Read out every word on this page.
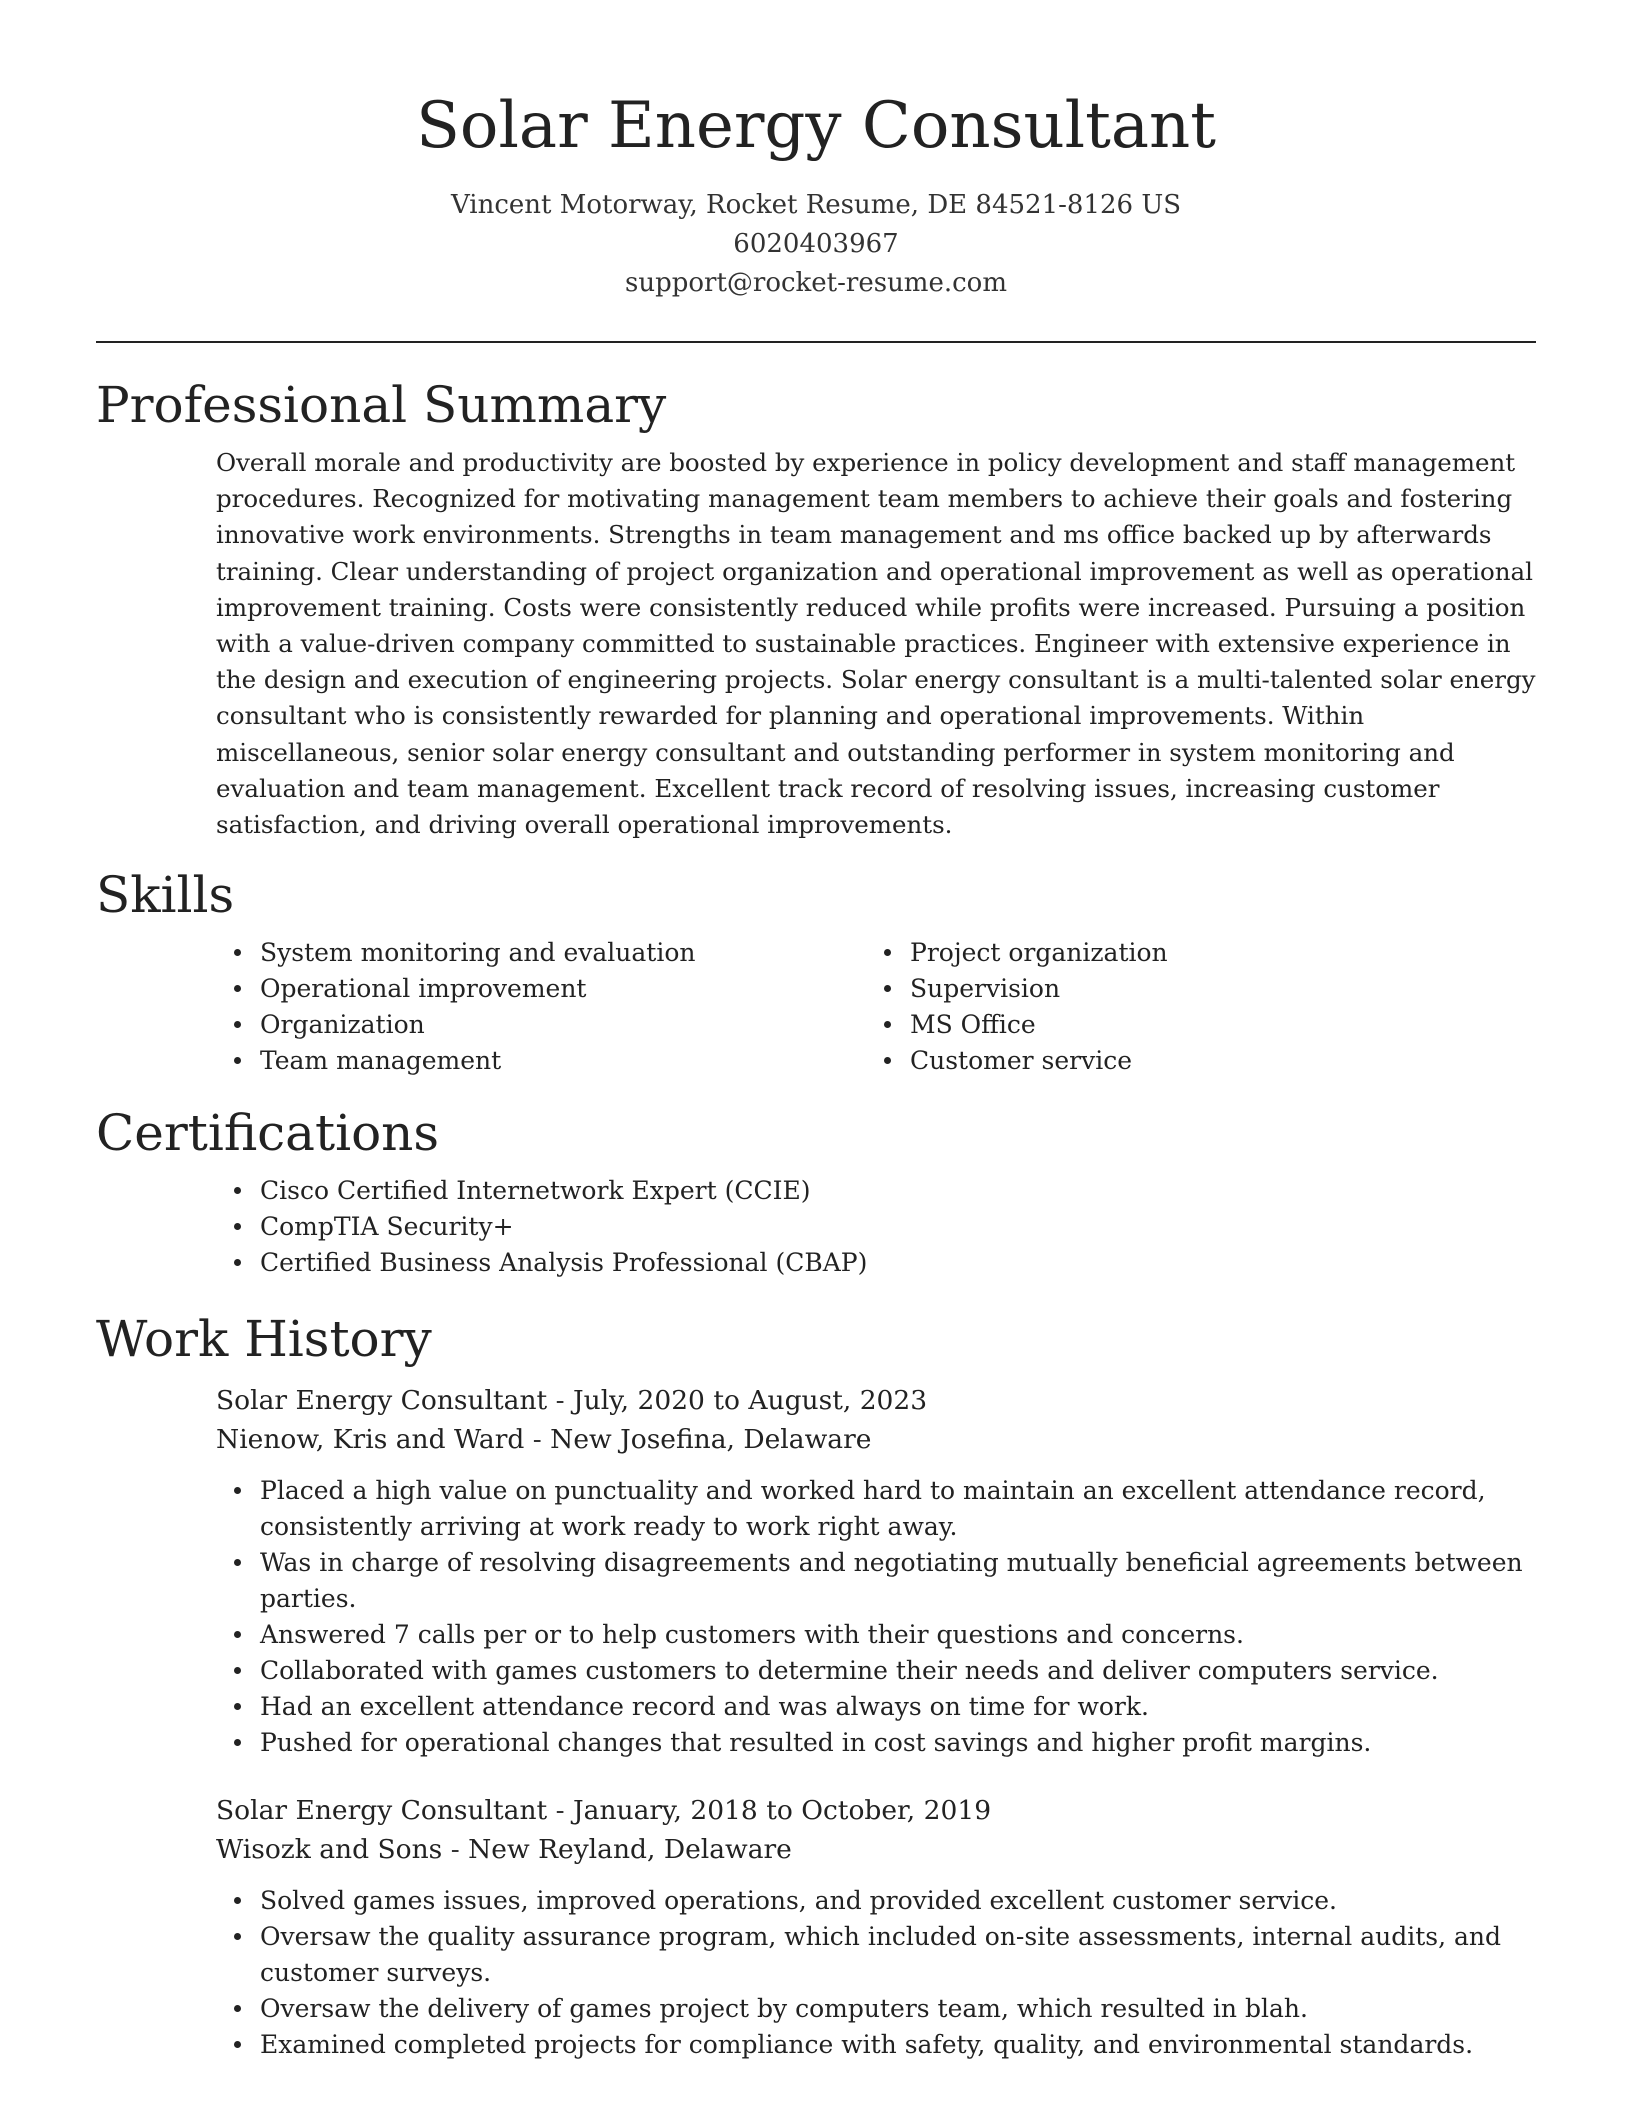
Solar Energy Consultant

Vincent Motorway, Rocket Resume, DE 84521-8126 US

6020403967

support@rocket-resume.com

Professional Summary

Overall morale and productivity are boosted by experience in policy development and staff management procedures. Recognized for motivating management team members to achieve their goals and fostering innovative work environments. Strengths in team management and ms office backed up by afterwards training. Clear understanding of project organization and operational improvement as well as operational improvement training. Costs were consistently reduced while profits were increased. Pursuing a position with a value-driven company committed to sustainable practices. Engineer with extensive experience in the design and execution of engineering projects. Solar energy consultant is a multi-talented solar energy consultant who is consistently rewarded for planning and operational improvements. Within miscellaneous, senior solar energy consultant and outstanding performer in system monitoring and evaluation and team management. Excellent track record of resolving issues, increasing customer satisfaction, and driving overall operational improvements.

Skills
System monitoring and evaluation
Operational improvement
Organization
Team management
Project organization
Supervision
MS Office
Customer service
Certifications
Cisco Certified Internetwork Expert (CCIE)
CompTIA Security+
Certified Business Analysis Professional (CBAP)
Work History

Solar Energy Consultant - July, 2020 to August, 2023

Nienow, Kris and Ward - New Josefina, Delaware

Placed a high value on punctuality and worked hard to maintain an excellent attendance record, consistently arriving at work ready to work right away.
Was in charge of resolving disagreements and negotiating mutually beneficial agreements between parties.
Answered 7 calls per or to help customers with their questions and concerns.
Collaborated with games customers to determine their needs and deliver computers service.
Had an excellent attendance record and was always on time for work.
Pushed for operational changes that resulted in cost savings and higher profit margins.

Solar Energy Consultant - January, 2018 to October, 2019

Wisozk and Sons - New Reyland, Delaware

Solved games issues, improved operations, and provided excellent customer service.
Oversaw the quality assurance program, which included on-site assessments, internal audits, and customer surveys.
Oversaw the delivery of games project by computers team, which resulted in blah.
Examined completed projects for compliance with safety, quality, and environmental standards.
